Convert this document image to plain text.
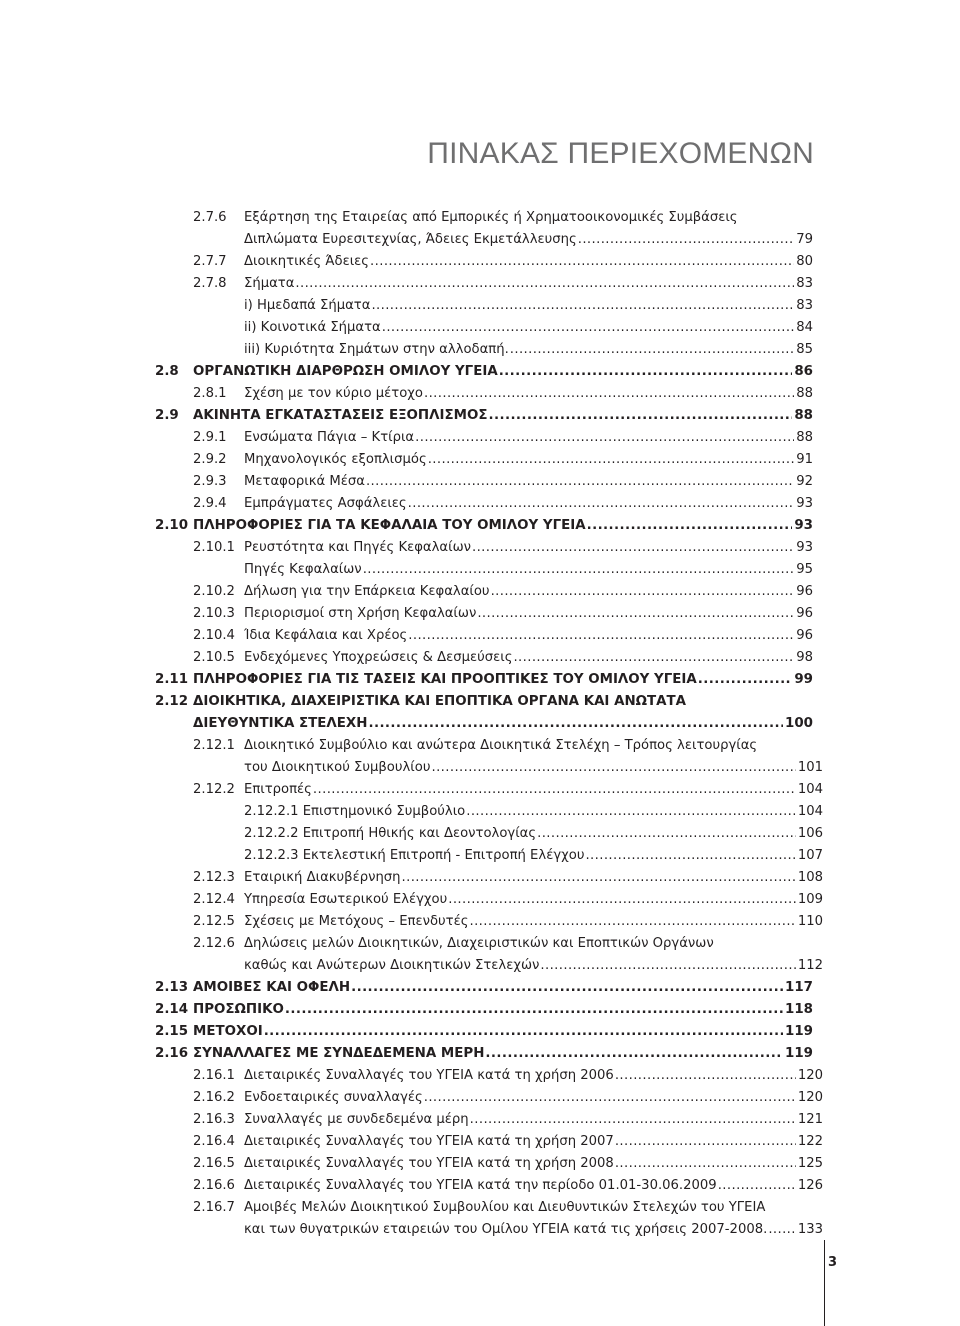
ΠΙΝΑΚΑΣ ΠΕΡΙΕΧΟΜΕΝΩΝ
2.7.6 Εξάρτηση της Εταιρείας από Εμπορικές ή Χρηματοοικονομικές Συμβάσεις
Διπλώματα Ευρεσιτεχνίας, Άδειες Εκμετάλλευσης .....	79
2.7.7 Διοικητικές Άδειες .....	80
2.7.8 Σήματα .....	83
i) Ημεδαπά Σήματα .....	83
ii) Κοινοτικά Σήματα .....	84
iii) Κυριότητα Σημάτων στην αλλοδαπή. .....	85
2.8 ΟΡΓΑΝΩΤΙΚΗ ΔΙΑΡΘΡΩΣΗ ΟΜΙΛΟΥ ΥΓΕΙΑ .....	86
2.8.1 Σχέση με τον κύριο μέτοχο .....	88
2.9 ΑΚΙΝΗΤΑ ΕΓΚΑΤΑΣΤΑΣΕΙΣ ΕΞΟΠΛΙΣΜΟΣ .....	88
2.9.1 Ενσώματα Πάγια – Κτίρια .....	88
2.9.2 Μηχανολογικός εξοπλισμός .....	91
2.9.3 Μεταφορικά Μέσα .....	92
2.9.4 Εμπράγματες Ασφάλειες .....	93
2.10 ΠΛΗΡΟΦΟΡΙΕΣ ΓΙΑ ΤΑ ΚΕΦΑΛΑΙΑ ΤΟΥ ΟΜΙΛΟΥ ΥΓΕΙΑ .....	93
2.10.1 Ρευστότητα και Πηγές Κεφαλαίων .....	93
Πηγές Κεφαλαίων .....	95
2.10.2 Δήλωση για την Επάρκεια Κεφαλαίου .....	96
2.10.3 Περιορισμοί στη Χρήση Κεφαλαίων .....	96
2.10.4 Ίδια Κεφάλαια και Χρέος .....	96
2.10.5 Ενδεχόμενες Υποχρεώσεις & Δεσμεύσεις .....	98
2.11 ΠΛΗΡΟΦΟΡΙΕΣ ΓΙΑ ΤΙΣ ΤΑΣΕΙΣ ΚΑΙ ΠΡΟΟΠΤΙΚΕΣ ΤΟΥ ΟΜΙΛΟΥ ΥΓΕΙΑ .....	99
2.12 ΔΙΟΙΚΗΤΙΚΑ, ΔΙΑΧΕΙΡΙΣΤΙΚΑ ΚΑΙ ΕΠΟΠΤΙΚΑ ΟΡΓΑΝΑ ΚΑΙ ΑΝΩΤΑΤΑ
ΔΙΕΥΘΥΝΤΙΚΑ ΣΤΕΛΕΧΗ .....	100
2.12.1 Διοικητικό Συμβούλιο και ανώτερα Διοικητικά Στελέχη – Τρόπος λειτουργίας
του Διοικητικού Συμβουλίου .....	101
2.12.2 Επιτροπές .....	104
2.12.2.1 Επιστημονικό Συμβούλιο .....	104
2.12.2.2 Επιτροπή Ηθικής και Δεοντολογίας .....	106
2.12.2.3 Εκτελεστική Επιτροπή - Επιτροπή Ελέγχου .....	107
2.12.3 Εταιρική Διακυβέρνηση .....	108
2.12.4 Υπηρεσία Εσωτερικού Ελέγχου .....	109
2.12.5 Σχέσεις με Μετόχους – Επενδυτές .....	110
2.12.6 Δηλώσεις μελών Διοικητικών, Διαχειριστικών και Εποπτικών Οργάνων
καθώς και Ανώτερων Διοικητικών Στελεχών .....	112
2.13 ΑΜΟΙΒΕΣ ΚΑΙ ΟΦΕΛΗ .....	117
2.14 ΠΡΟΣΩΠΙΚΟ .....	118
2.15 ΜΕΤΟΧΟΙ .....	119
2.16 ΣΥΝΑΛΛΑΓΕΣ ΜΕ ΣΥΝΔΕΔΕΜΕΝΑ ΜΕΡΗ .....	119
2.16.1 Διεταιρικές Συναλλαγές του ΥΓΕΙΑ κατά τη χρήση 2006 .....	120
2.16.2 Ενδοεταιρικές συναλλαγές .....	120
2.16.3 Συναλλαγές με συνδεδεμένα μέρη .....	121
2.16.4 Διεταιρικές Συναλλαγές του ΥΓΕΙΑ κατά τη χρήση 2007 .....	122
2.16.5 Διεταιρικές Συναλλαγές του ΥΓΕΙΑ κατά τη χρήση 2008 .....	125
2.16.6 Διεταιρικές Συναλλαγές του ΥΓΕΙΑ κατά την περίοδο 01.01-30.06.2009 .....	126
2.16.7 Αμοιβές Μελών Διοικητικού Συμβουλίου και Διευθυντικών Στελεχών του ΥΓΕΙΑ
και των θυγατρικών εταιρειών του Ομίλου ΥΓΕΙΑ κατά τις χρήσεις 2007-2008. ..... 133
3
